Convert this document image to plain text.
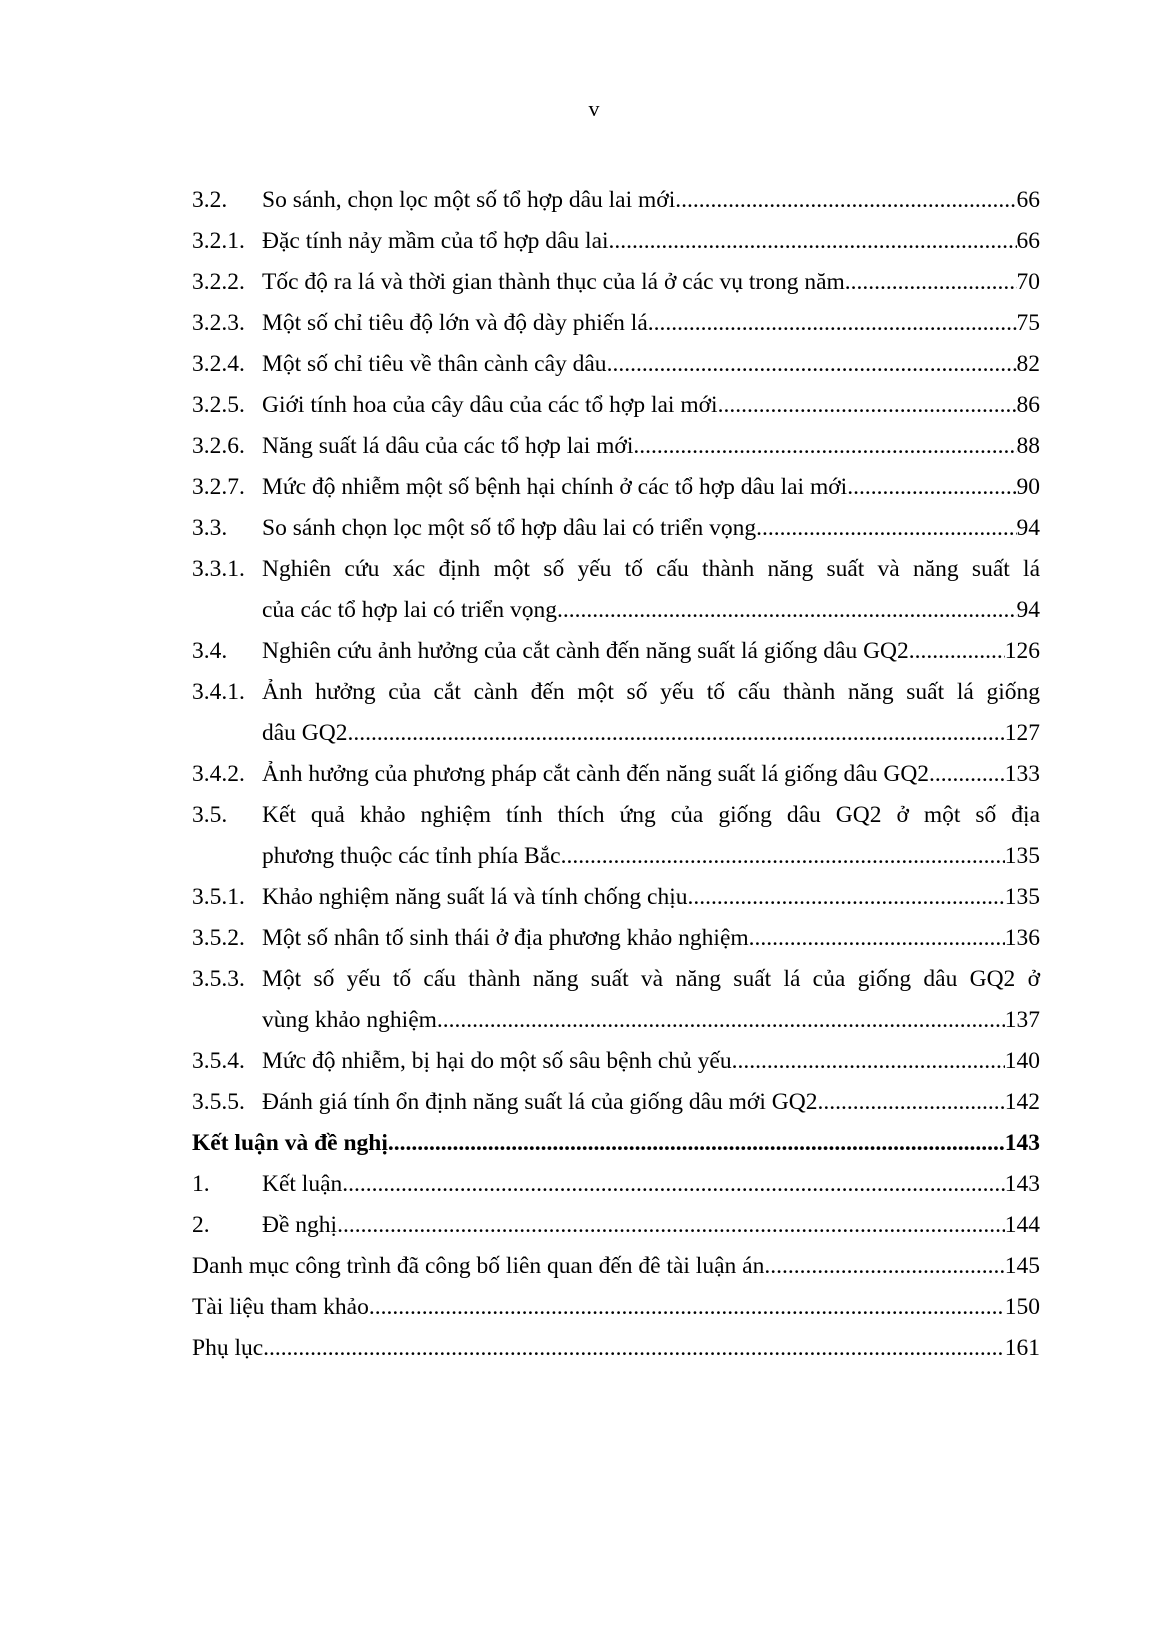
v
3.2. So sánh, chọn lọc một số tổ hợp dâu lai mới .....	66
3.2.1. Đặc tính nảy mầm của tổ hợp dâu lai .....	66
3.2.2. Tốc độ ra lá và thời gian thành thục của lá ở các vụ trong năm .....	70
3.2.3. Một số chỉ tiêu độ lớn và độ dày phiến lá .....	75
3.2.4. Một số chỉ tiêu về thân cành cây dâu .....	82
3.2.5. Giới tính hoa của cây dâu của các tổ hợp lai mới .....	86
3.2.6. Năng suất lá dâu của các tổ hợp lai mới .....	88
3.2.7. Mức độ nhiễm một số bệnh hại chính ở các tổ hợp dâu lai mới .....	90
3.3. So sánh chọn lọc một số tổ hợp dâu lai có triển vọng .....	94
3.3.1. Nghiên cứu xác định một số yếu tố cấu thành năng suất và năng suất lá
của các tổ hợp lai có triển vọng .....	94
3.4. Nghiên cứu ảnh hưởng của cắt cành đến năng suất lá giống dâu GQ2 .....	126
3.4.1. Ảnh hưởng của cắt cành đến một số yếu tố cấu thành năng suất lá giống
dâu GQ2 .....	127
3.4.2. Ảnh hưởng của phương pháp cắt cành đến năng suất lá giống dâu GQ2 .....	133
3.5. Kết quả khảo nghiệm tính thích ứng của giống dâu GQ2 ở một số địa
phương thuộc các tỉnh phía Bắc .....	135
3.5.1. Khảo nghiệm năng suất lá và tính chống chịu .....	135
3.5.2. Một số nhân tố sinh thái ở địa phương khảo nghiệm .....	136
3.5.3. Một số yếu tố cấu thành năng suất và năng suất lá của giống dâu GQ2 ở
vùng khảo nghiệm .....	137
3.5.4. Mức độ nhiễm, bị hại do một số sâu bệnh chủ yếu .....	140
3.5.5. Đánh giá tính ổn định năng suất lá của giống dâu mới GQ2 .....	142
Kết luận và đề nghị .....	143
1. Kết luận .....	143
2. Đề nghị .....	144
Danh mục công trình đã công bố liên quan đến đê tài luận án .....	145
Tài liệu tham khảo .....	150
Phụ lục .....	161
